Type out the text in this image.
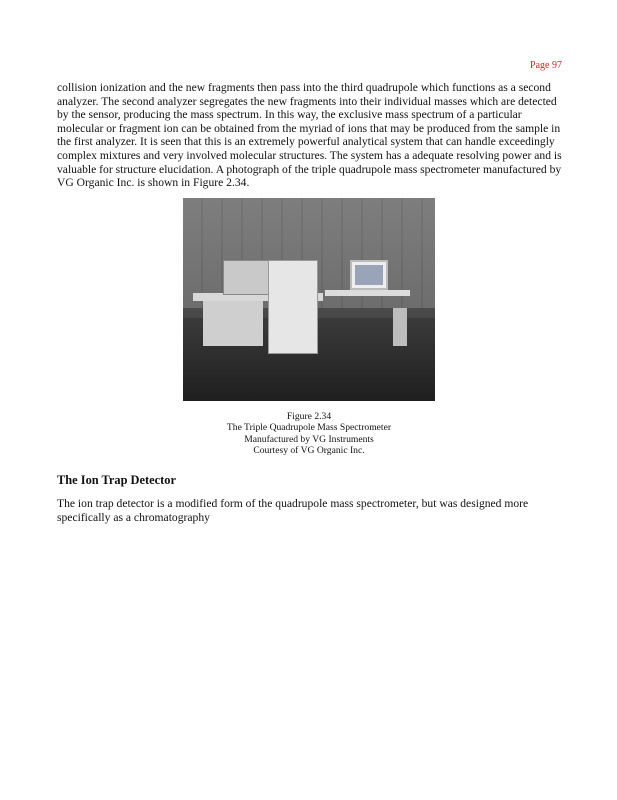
Page 97

collision ionization and the new fragments then pass into the third quadrupole which functions as a second analyzer. The second analyzer segregates the new fragments into their individual masses which are detected by the sensor, producing the mass spectrum. In this way, the exclusive mass spectrum of a particular molecular or fragment ion can be obtained from the myriad of ions that may be produced from the sample in the first analyzer. It is seen that this is an extremely powerful analytical system that can handle exceedingly complex mixtures and very involved molecular structures. The system has a adequate resolving power and is valuable for structure elucidation. A photograph of the triple quadrupole mass spectrometer manufactured by VG Organic Inc. is shown in Figure 2.34.

Figure 2.34
The Triple Quadrupole Mass Spectrometer
Manufactured by VG Instruments
Courtesy of VG Organic Inc.
The Ion Trap Detector

The ion trap detector is a modified form of the quadrupole mass spectrometer, but was designed more specifically as a chromatography
